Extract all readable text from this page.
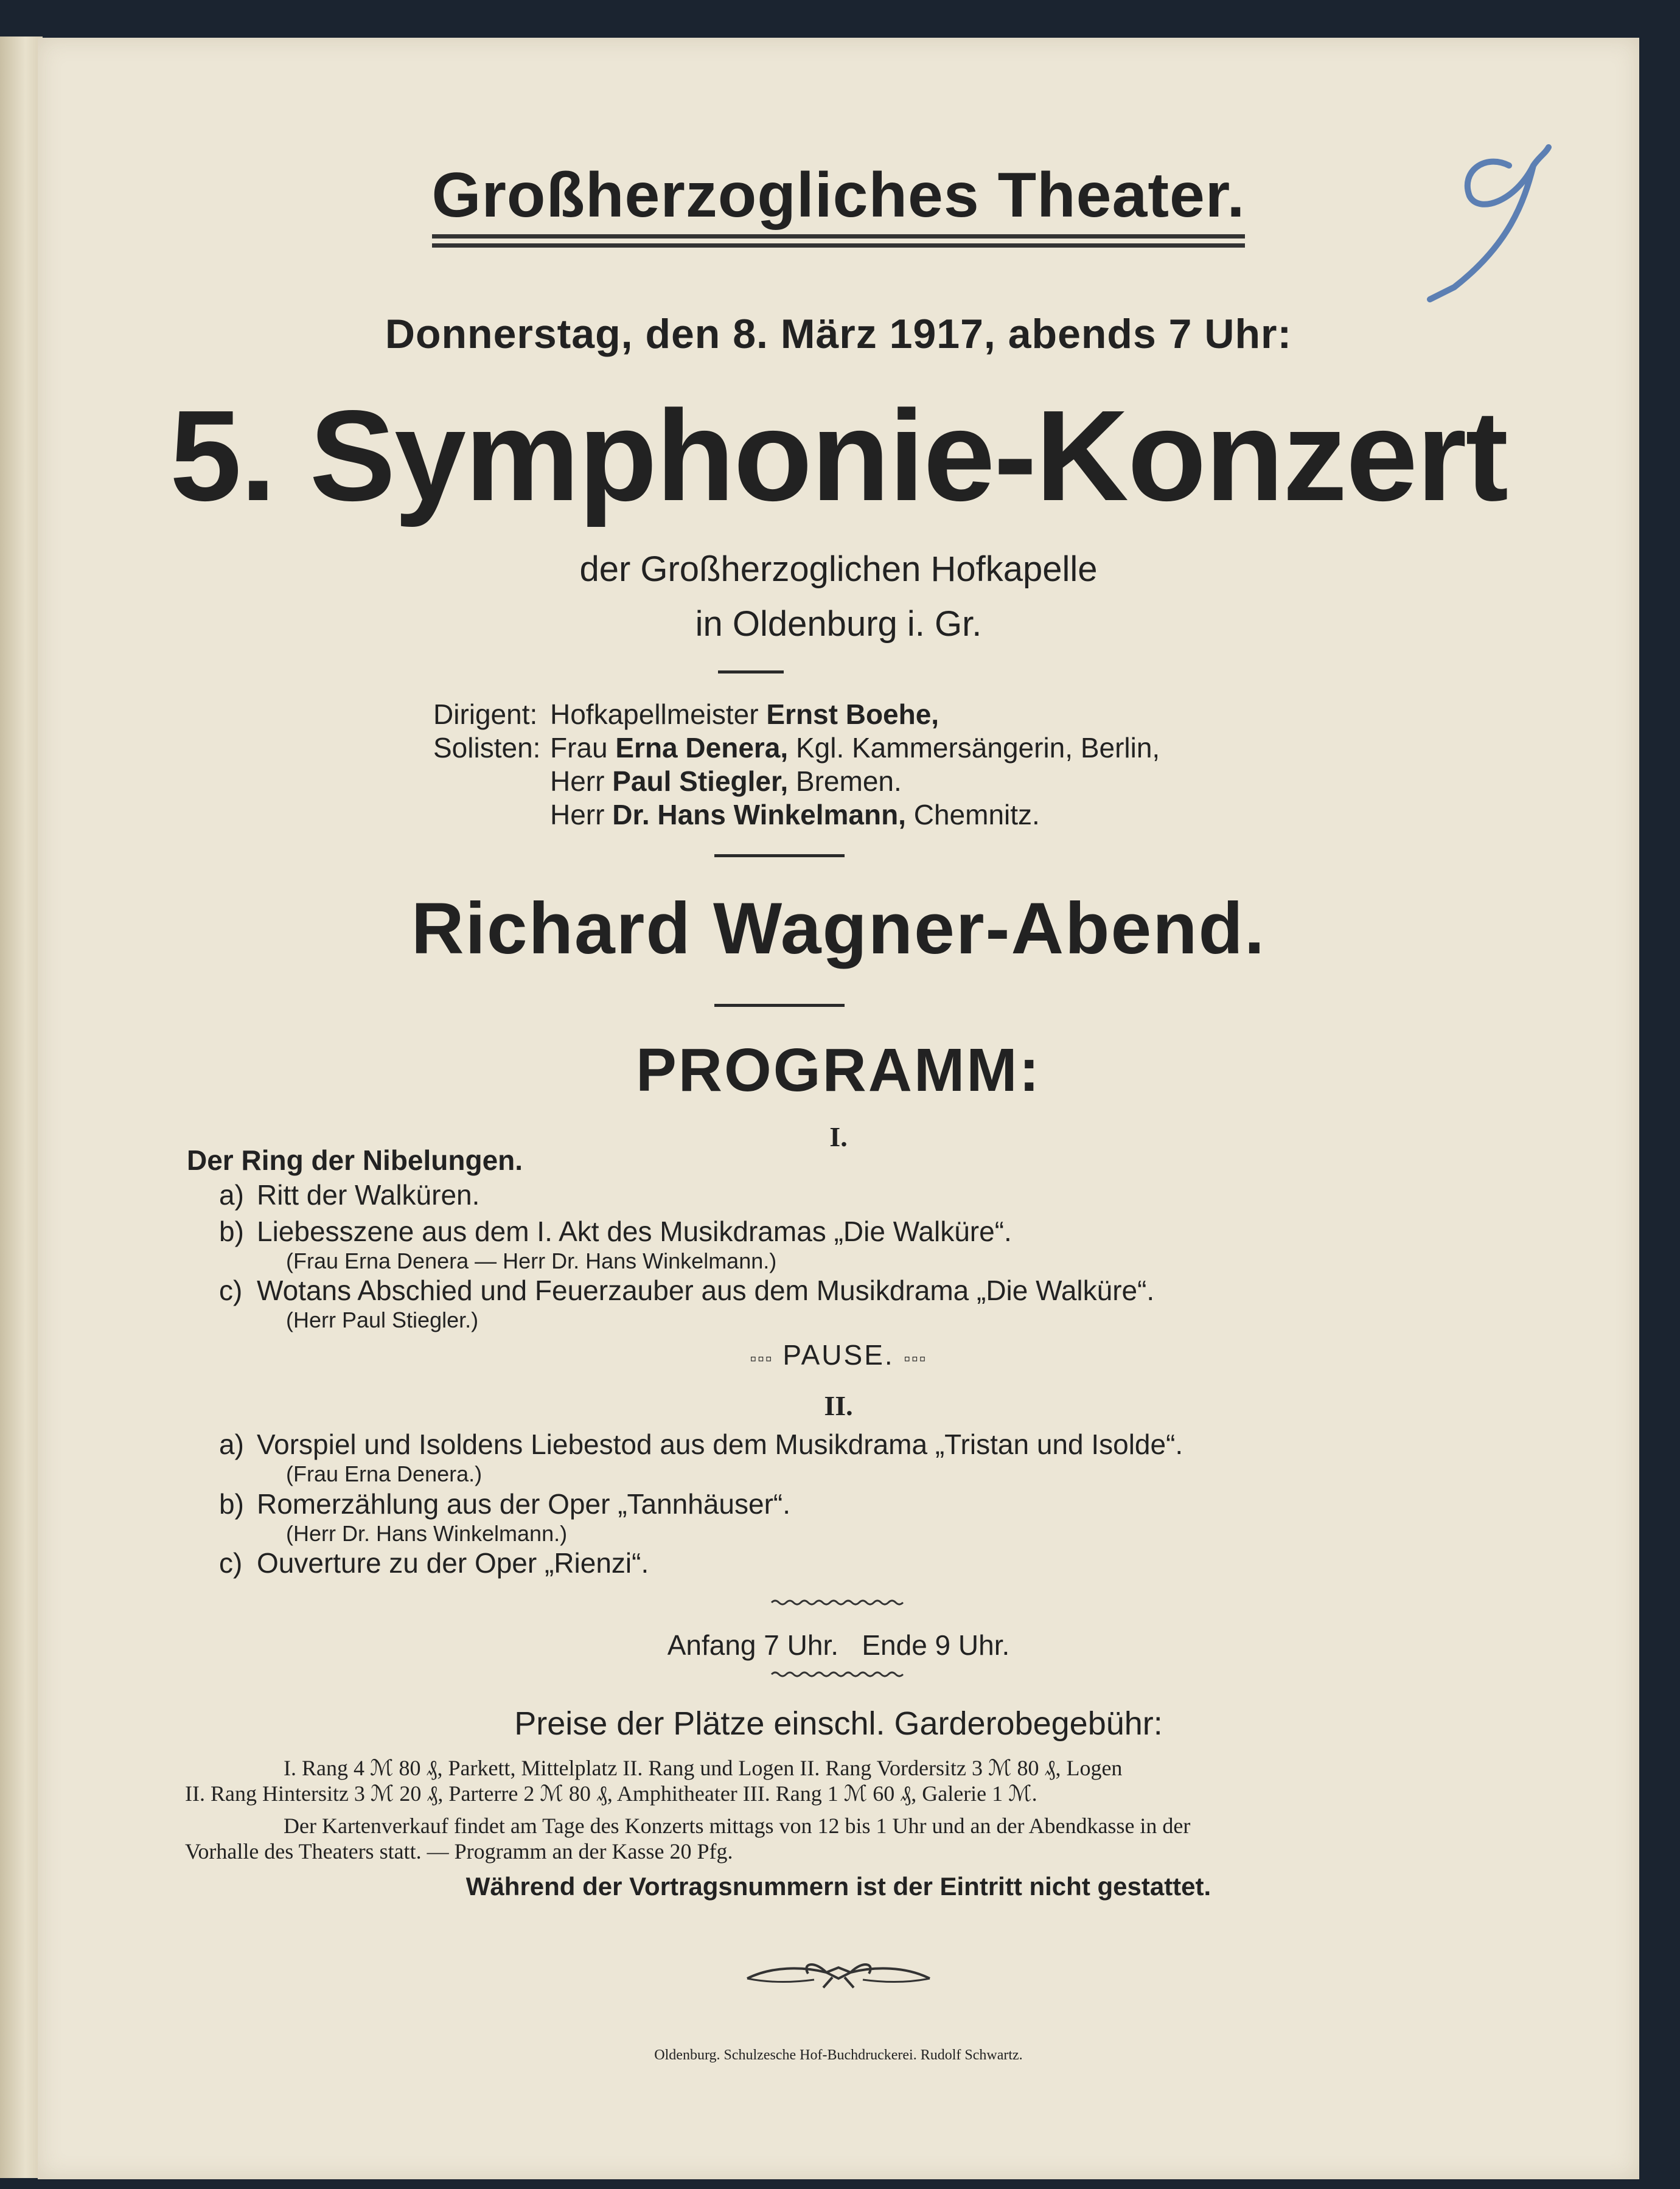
Großherzogliches Theater.
Donnerstag, den 8. März 1917, abends 7 Uhr:
5. Symphonie-Konzert
der Großherzoglichen Hofkapelle
in Oldenburg i. Gr.
9
Dirigent: Hofkapellmeister Ernst Boehe,
Solisten: Frau Erna Denera, Kgl. Kammersängerin, Berlin,
Herr Paul Stiegler, Bremen.
Herr Dr. Hans Winkelmann, Chemnitz.
Richard Wagner-Abend.
PROGRAMM:
I.
Der Ring der Nibelungen.
a) Ritt der Walküren.
b) Liebesszene aus dem I. Akt des Musikdramas „Die Walküre“.
(Frau Erna Denera — Herr Dr. Hans Winkelmann.)
c) Wotans Abschied und Feuerzauber aus dem Musikdrama „Die Walküre“.
(Herr Paul Stiegler.)
▫▫▫ PAUSE. ▫▫▫
II.
a) Vorspiel und Isoldens Liebestod aus dem Musikdrama „Tristan und Isolde“.
(Frau Erna Denera.)
b) Romerzählung aus der Oper „Tannhäuser“.
(Herr Dr. Hans Winkelmann.)
c) Ouverture zu der Oper „Rienzi“.
Anfang 7 Uhr.   Ende 9 Uhr.
Preise der Plätze einschl. Garderobegebühr:
I. Rang 4 ℳ 80 ₰, Parkett, Mittelplatz II. Rang und Logen II. Rang Vordersitz 3 ℳ 80 ₰, Logen
II. Rang Hintersitz 3 ℳ 20 ₰, Parterre 2 ℳ 80 ₰, Amphitheater III. Rang 1 ℳ 60 ₰, Galerie 1 ℳ.
Der Kartenverkauf findet am Tage des Konzerts mittags von 12 bis 1 Uhr und an der Abendkasse in der
Vorhalle des Theaters statt. — Programm an der Kasse 20 Pfg.
Während der Vortragsnummern ist der Eintritt nicht gestattet.
Oldenburg. Schulzesche Hof-Buchdruckerei. Rudolf Schwartz.
